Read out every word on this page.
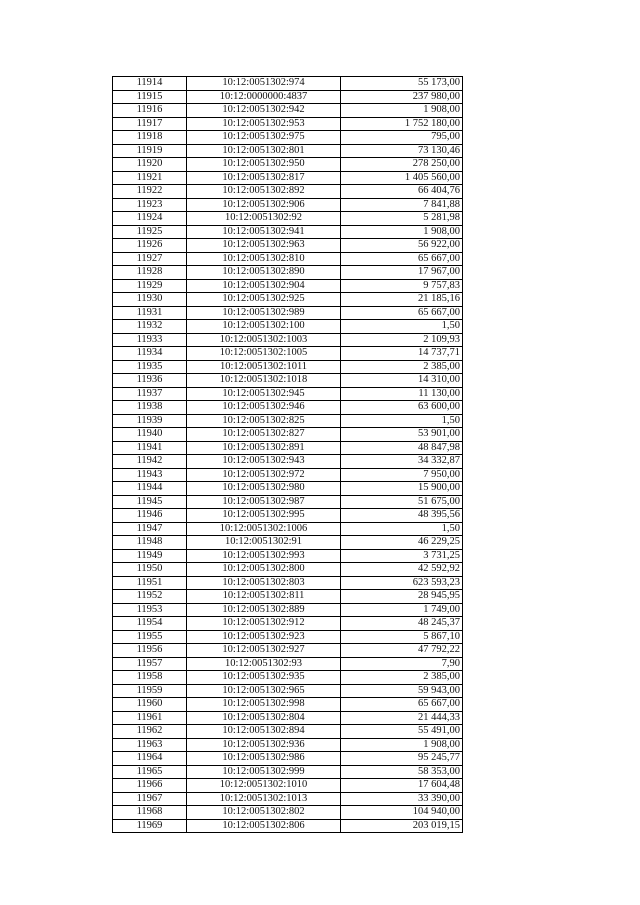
11914	10:12:0051302:974	55 173,00
11915	10:12:0000000:4837	237 980,00
11916	10:12:0051302:942	1 908,00
11917	10:12:0051302:953	1 752 180,00
11918	10:12:0051302:975	795,00
11919	10:12:0051302:801	73 130,46
11920	10:12:0051302:950	278 250,00
11921	10:12:0051302:817	1 405 560,00
11922	10:12:0051302:892	66 404,76
11923	10:12:0051302:906	7 841,88
11924	10:12:0051302:92	5 281,98
11925	10:12:0051302:941	1 908,00
11926	10:12:0051302:963	56 922,00
11927	10:12:0051302:810	65 667,00
11928	10:12:0051302:890	17 967,00
11929	10:12:0051302:904	9 757,83
11930	10:12:0051302:925	21 185,16
11931	10:12:0051302:989	65 667,00
11932	10:12:0051302:100	1,50
11933	10:12:0051302:1003	2 109,93
11934	10:12:0051302:1005	14 737,71
11935	10:12:0051302:1011	2 385,00
11936	10:12:0051302:1018	14 310,00
11937	10:12:0051302:945	11 130,00
11938	10:12:0051302:946	63 600,00
11939	10:12:0051302:825	1,50
11940	10:12:0051302:827	53 901,00
11941	10:12:0051302:891	48 847,98
11942	10:12:0051302:943	34 332,87
11943	10:12:0051302:972	7 950,00
11944	10:12:0051302:980	15 900,00
11945	10:12:0051302:987	51 675,00
11946	10:12:0051302:995	48 395,56
11947	10:12:0051302:1006	1,50
11948	10:12:0051302:91	46 229,25
11949	10:12:0051302:993	3 731,25
11950	10:12:0051302:800	42 592,92
11951	10:12:0051302:803	623 593,23
11952	10:12:0051302:811	28 945,95
11953	10:12:0051302:889	1 749,00
11954	10:12:0051302:912	48 245,37
11955	10:12:0051302:923	5 867,10
11956	10:12:0051302:927	47 792,22
11957	10:12:0051302:93	7,90
11958	10:12:0051302:935	2 385,00
11959	10:12:0051302:965	59 943,00
11960	10:12:0051302:998	65 667,00
11961	10:12:0051302:804	21 444,33
11962	10:12:0051302:894	55 491,00
11963	10:12:0051302:936	1 908,00
11964	10:12:0051302:986	95 245,77
11965	10:12:0051302:999	58 353,00
11966	10:12:0051302:1010	17 604,48
11967	10:12:0051302:1013	33 390,00
11968	10:12:0051302:802	104 940,00
11969	10:12:0051302:806	203 019,15
